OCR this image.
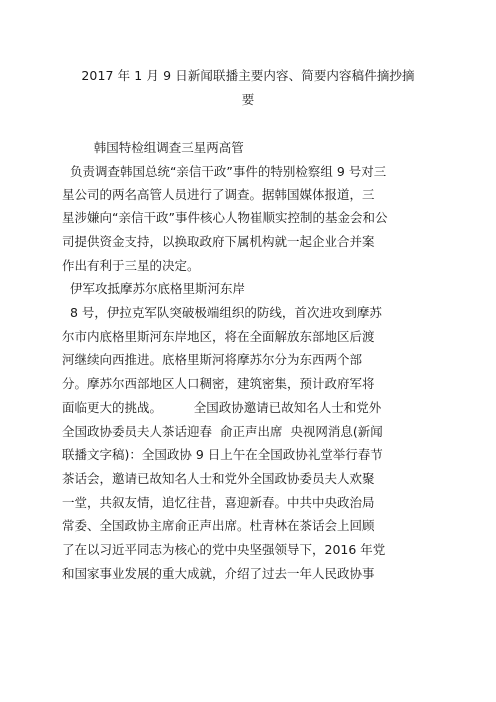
2017 年 1 月 9 日新闻联播主要内容、简要内容稿件摘抄摘
要
韩国特检组调查三星两高管
负责调查韩国总统“亲信干政”事件的特别检察组 9 号对三
星公司的两名高管人员进行了调查。据韩国媒体报道，三
星涉嫌向“亲信干政”事件核心人物崔顺实控制的基金会和公
司提供资金支持，以换取政府下属机构就一起企业合并案
作出有利于三星的决定。
伊军攻抵摩苏尔底格里斯河东岸
8 号，伊拉克军队突破极端组织的防线，首次进攻到摩苏
尔市内底格里斯河东岸地区，将在全面解放东部地区后渡
河继续向西推进。底格里斯河将摩苏尔分为东西两个部
分。摩苏尔西部地区人口稠密，建筑密集，预计政府军将
面临更大的挑战。        全国政协邀请已故知名人士和党外
全国政协委员夫人茶话迎春  俞正声出席  央视网消息(新闻
联播文字稿)：全国政协 9 日上午在全国政协礼堂举行春节
茶话会，邀请已故知名人士和党外全国政协委员夫人欢聚
一堂，共叙友情，追忆往昔，喜迎新春。中共中央政治局
常委、全国政协主席俞正声出席。杜青林在茶话会上回顾
了在以习近平同志为核心的党中央坚强领导下，2016 年党
和国家事业发展的重大成就，介绍了过去一年人民政协事
